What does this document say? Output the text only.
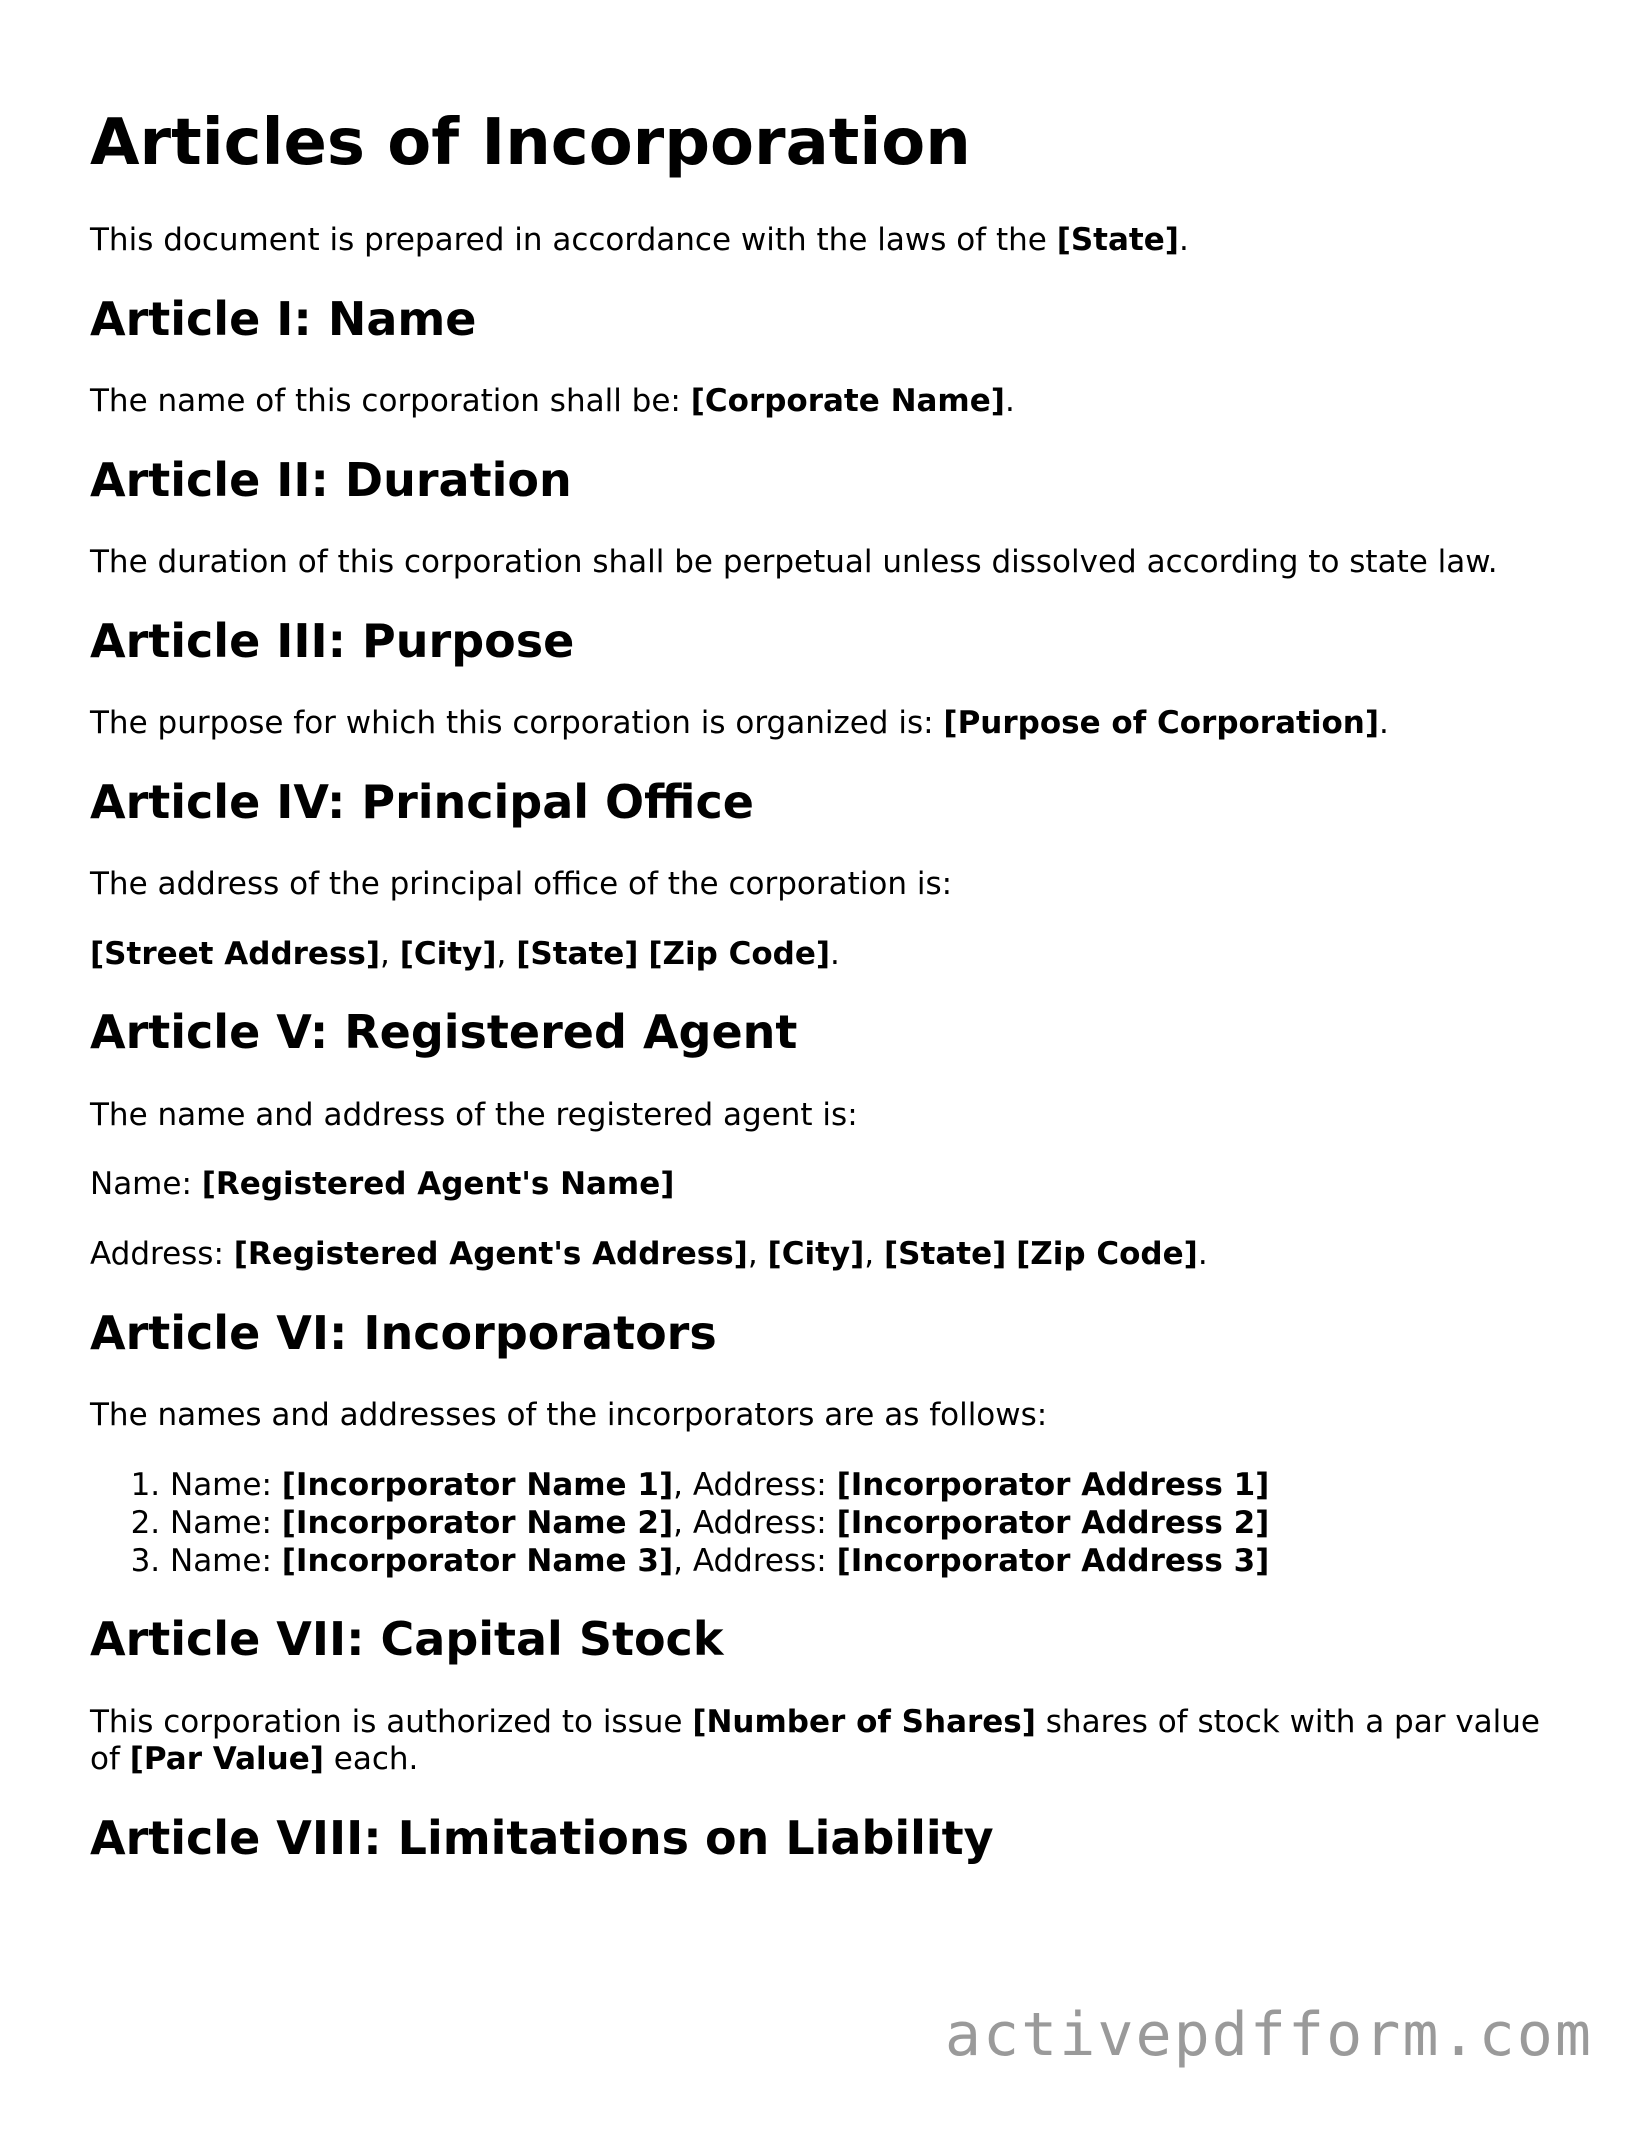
Articles of Incorporation

This document is prepared in accordance with the laws of the [State].

Article I: Name

The name of this corporation shall be: [Corporate Name].

Article II: Duration

The duration of this corporation shall be perpetual unless dissolved according to state law.

Article III: Purpose

The purpose for which this corporation is organized is: [Purpose of Corporation].

Article IV: Principal Office

The address of the principal office of the corporation is:

[Street Address], [City], [State] [Zip Code].

Article V: Registered Agent

The name and address of the registered agent is:

Name: [Registered Agent's Name]

Address: [Registered Agent's Address], [City], [State] [Zip Code].

Article VI: Incorporators

The names and addresses of the incorporators are as follows:

1. Name: [Incorporator Name 1], Address: [Incorporator Address 1]
2. Name: [Incorporator Name 2], Address: [Incorporator Address 2]
3. Name: [Incorporator Name 3], Address: [Incorporator Address 3]
Article VII: Capital Stock

This corporation is authorized to issue [Number of Shares] shares of stock with a par value of [Par Value] each.

Article VIII: Limitations on Liability
activepdfform.com
